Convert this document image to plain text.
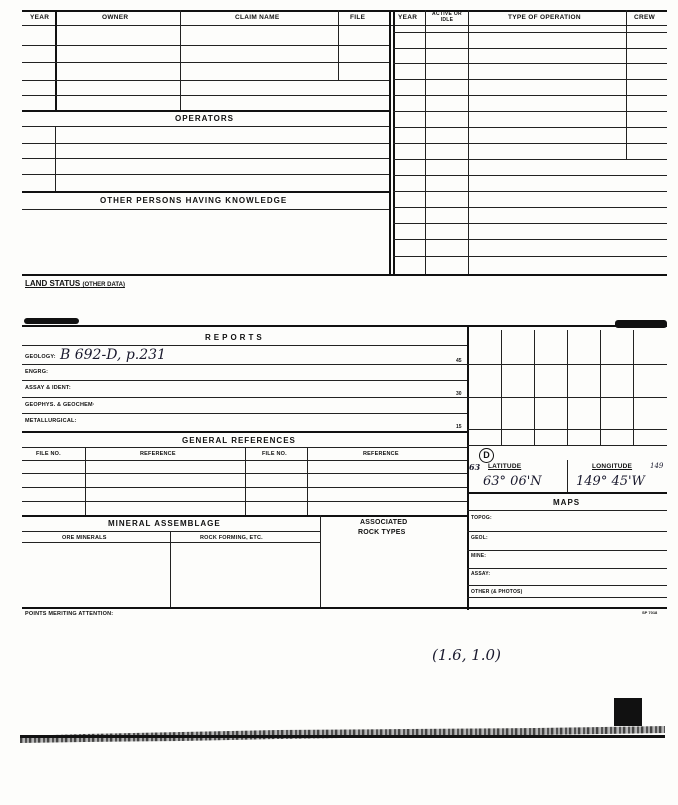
YEAR	OWNER	CLAIM NAME	FILE	YEAR	ACTIVE OR IDLE	TYPE OF OPERATION	CREW
OPERATORS
OTHER PERSONS HAVING KNOWLEDGE
LAND STATUS (OTHER DATA)
REPORTS
GEOLOGY: B 692-D, p.231	45
ENGRG:
ASSAY & IDENT:
30
GEOPHYS. & GEOCHEM·
METALLURGICAL:
15
GENERAL REFERENCES
FILE NO.	REFERENCE	FILE NO.	REFERENCE
MINERAL ASSEMBLAGE
ORE MINERALS	ROCK FORMING, ETC.
ASSOCIATED
ROCK TYPES
D
63 LATITUDE	LONGITUDE	149
63° 06'N	149° 45'W
MAPS
TOPOG:
GEOL:
MINE:
ASSAY:
OTHER (& PHOTOS)
POINTS MERITING ATTENTION:	SP 7018
(1.6, 1.0)
